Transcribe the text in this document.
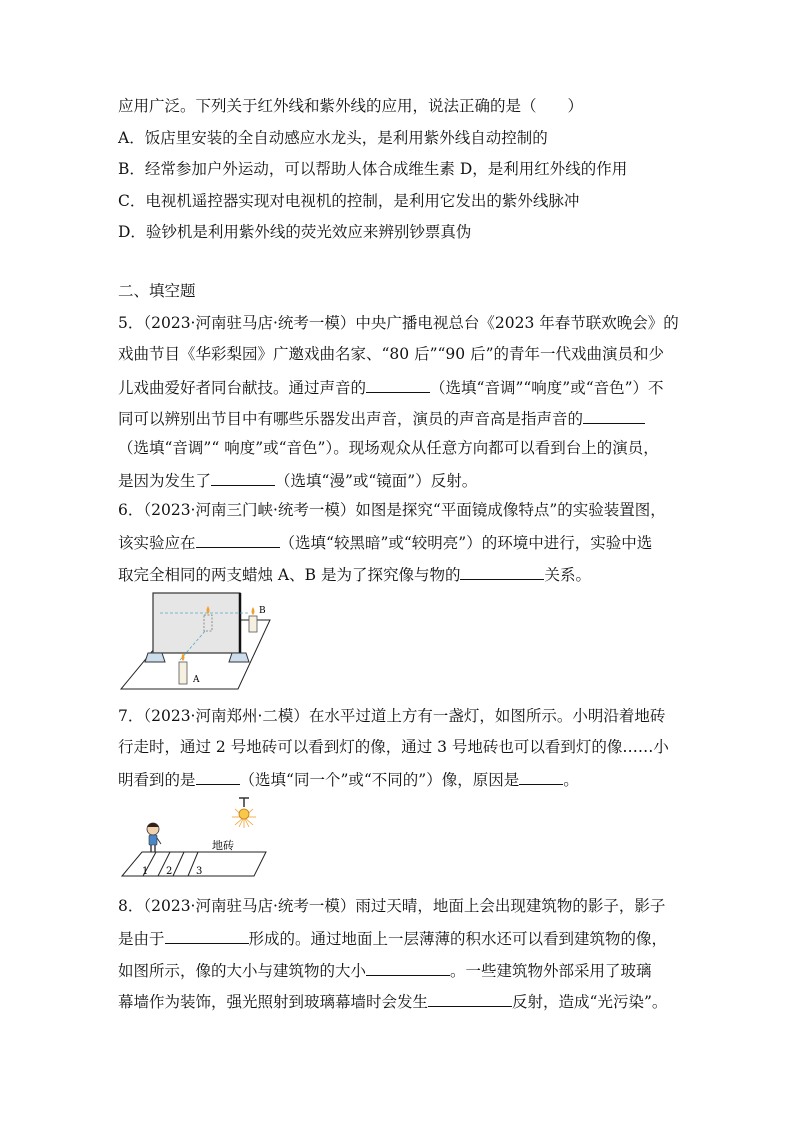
应用广泛。下列关于红外线和紫外线的应用，说法正确的是（　　）
A．饭店里安装的全自动感应水龙头，是利用紫外线自动控制的
B．经常参加户外运动，可以帮助人体合成维生素 D，是利用红外线的作用
C．电视机遥控器实现对电视机的控制，是利用它发出的紫外线脉冲
D．验钞机是利用紫外线的荧光效应来辨别钞票真伪
二、填空题
5．（2023·河南驻马店·统考一模）中央广播电视总台《2023 年春节联欢晚会》的
戏曲节目《华彩梨园》广邀戏曲名家、“80 后”“90 后”的青年一代戏曲演员和少
儿戏曲爱好者同台献技。通过声音的	（选填“音调”“响度”或“音色”）不
同可以辨别出节目中有哪些乐器发出声音，演员的声音高是指声音的
（选填“音调”“ 响度”或“音色”）。现场观众从任意方向都可以看到台上的演员，
是因为发生了	（选填“漫”或“镜面”）反射。
6．（2023·河南三门峡·统考一模）如图是探究“平面镜成像特点”的实验装置图，
该实验应在	（选填“较黑暗”或“较明亮”）的环境中进行，实验中选
取完全相同的两支蜡烛 A、B 是为了探究像与物的	关系。
B
A
7．（2023·河南郑州·二模）在水平过道上方有一盏灯，如图所示。小明沿着地砖
行走时，通过 2 号地砖可以看到灯的像，通过 3 号地砖也可以看到灯的像……小
明看到的是	（选填“同一个”或“不同的”）像，原因是	。
1 2 3
地砖
8．（2023·河南驻马店·统考一模）雨过天晴，地面上会出现建筑物的影子，影子
是由于	形成的。通过地面上一层薄薄的积水还可以看到建筑物的像，
如图所示，像的大小与建筑物的大小	。一些建筑物外部采用了玻璃
幕墙作为装饰，强光照射到玻璃幕墙时会发生	反射，造成“光污染”。
